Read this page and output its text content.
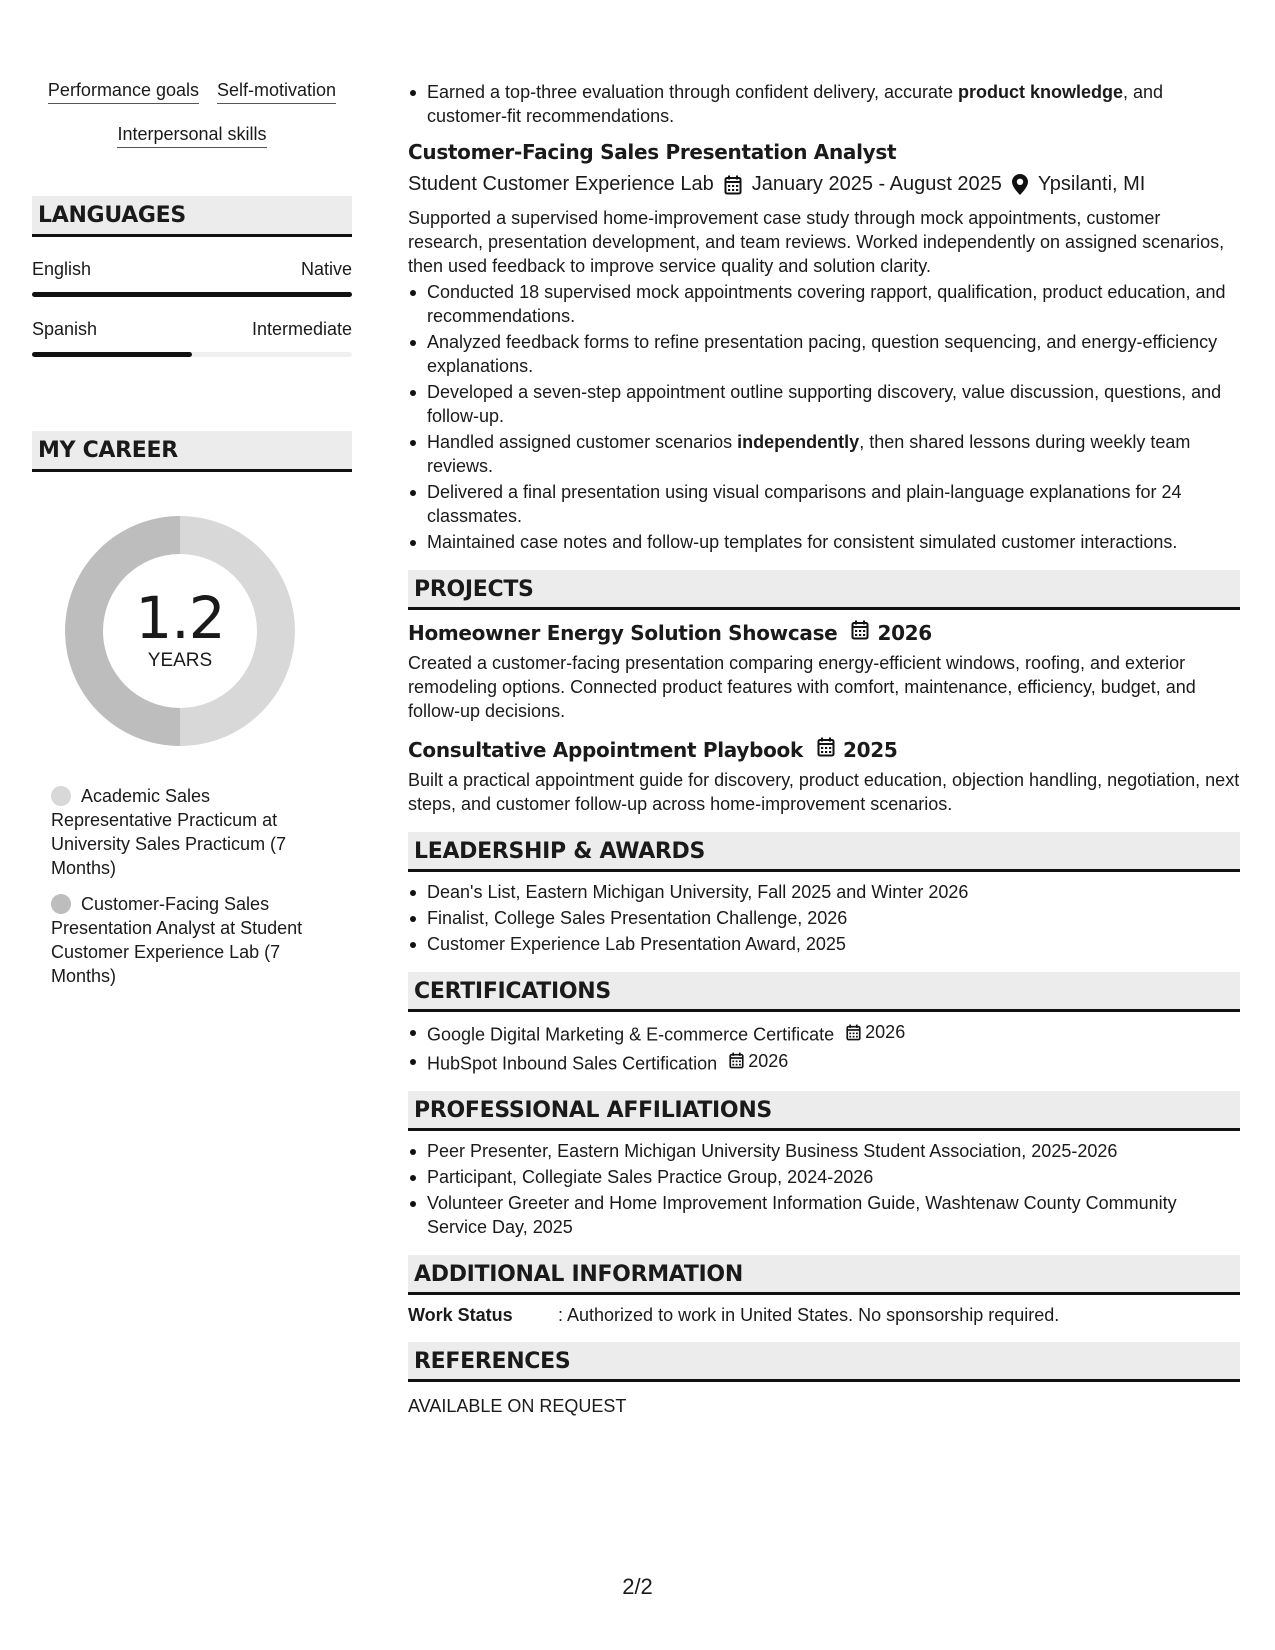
Performance goals Self-motivation
Interpersonal skills
LANGUAGES
English	Native
Spanish	Intermediate
MY CAREER
1.2
YEARS
Academic Sales Representative Practicum at University Sales Practicum (7 Months)
Customer-Facing Sales Presentation Analyst at Student Customer Experience Lab (7 Months)
Earned a top-three evaluation through confident delivery, accurate product knowledge, and customer-fit recommendations.
Customer-Facing Sales Presentation Analyst
Student Customer Experience Lab January 2025 - August 2025 Ypsilanti, MI
Supported a supervised home-improvement case study through mock appointments, customer research, presentation development, and team reviews. Worked independently on assigned scenarios, then used feedback to improve service quality and solution clarity.
Conducted 18 supervised mock appointments covering rapport, qualification, product education, and recommendations.
Analyzed feedback forms to refine presentation pacing, question sequencing, and energy-efficiency explanations.
Developed a seven-step appointment outline supporting discovery, value discussion, questions, and follow-up.
Handled assigned customer scenarios independently, then shared lessons during weekly team reviews.
Delivered a final presentation using visual comparisons and plain-language explanations for 24 classmates.
Maintained case notes and follow-up templates for consistent simulated customer interactions.
PROJECTS
Homeowner Energy Solution Showcase 2026
Created a customer-facing presentation comparing energy-efficient windows, roofing, and exterior remodeling options. Connected product features with comfort, maintenance, efficiency, budget, and follow-up decisions.
Consultative Appointment Playbook 2025
Built a practical appointment guide for discovery, product education, objection handling, negotiation, next steps, and customer follow-up across home-improvement scenarios.
LEADERSHIP & AWARDS
Dean's List, Eastern Michigan University, Fall 2025 and Winter 2026
Finalist, College Sales Presentation Challenge, 2026
Customer Experience Lab Presentation Award, 2025
CERTIFICATIONS
Google Digital Marketing & E-commerce Certificate 2026
HubSpot Inbound Sales Certification 2026
PROFESSIONAL AFFILIATIONS
Peer Presenter, Eastern Michigan University Business Student Association, 2025-2026
Participant, Collegiate Sales Practice Group, 2024-2026
Volunteer Greeter and Home Improvement Information Guide, Washtenaw County Community Service Day, 2025
ADDITIONAL INFORMATION
Work Status	: Authorized to work in United States. No sponsorship required.
REFERENCES
AVAILABLE ON REQUEST
2/2
